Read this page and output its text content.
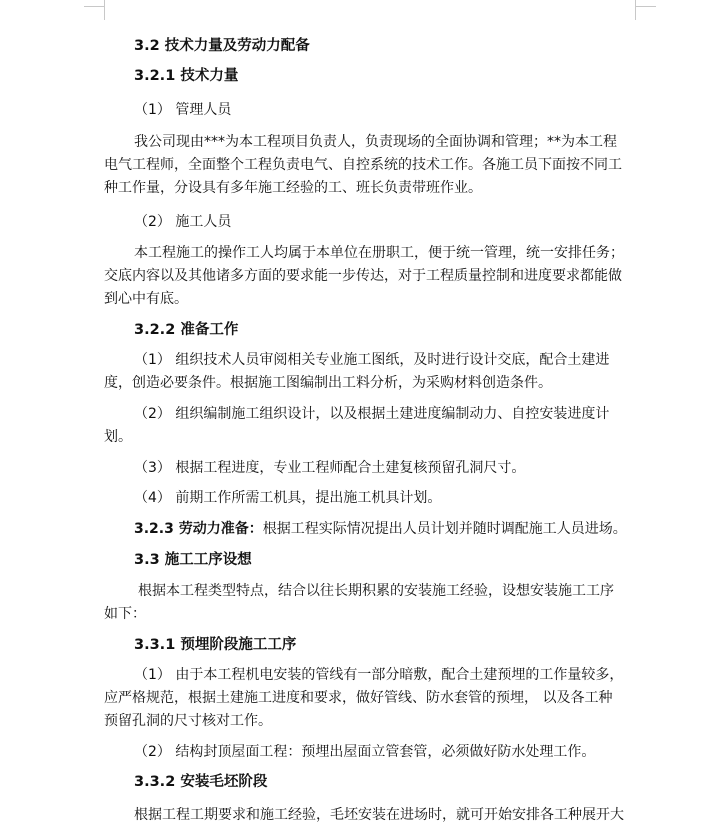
3.2 技术力量及劳动力配备
3.2.1 技术力量
（1） 管理人员
我公司现由***为本工程项目负责人，负责现场的全面协调和管理；**为本工程
电气工程师，全面整个工程负责电气、自控系统的技术工作。各施工员下面按不同工
种工作量，分设具有多年施工经验的工、班长负责带班作业。
（2） 施工人员
本工程施工的操作工人均属于本单位在册职工，便于统一管理，统一安排任务；
交底内容以及其他诸多方面的要求能一步传达，对于工程质量控制和进度要求都能做
到心中有底。
3.2.2 准备工作
（1） 组织技术人员审阅相关专业施工图纸，及时进行设计交底，配合土建进
度，创造必要条件。根据施工图编制出工料分析，为采购材料创造条件。
（2） 组织编制施工组织设计，以及根据土建进度编制动力、自控安装进度计
划。
（3） 根据工程进度，专业工程师配合土建复核预留孔洞尺寸。
（4） 前期工作所需工机具，提出施工机具计划。
3.2.3 劳动力准备：根据工程实际情况提出人员计划并随时调配施工人员进场。
3.3 施工工序设想
根据本工程类型特点，结合以往长期积累的安装施工经验，设想安装施工工序
如下：
3.3.1 预埋阶段施工工序
（1） 由于本工程机电安装的管线有一部分暗敷，配合土建预埋的工作量较多，
应严格规范，根据土建施工进度和要求，做好管线、防水套管的预埋， 以及各工种
预留孔洞的尺寸核对工作。
（2） 结构封顶屋面工程：预埋出屋面立管套管，必须做好防水处理工作。
3.3.2 安装毛坯阶段
根据工程工期要求和施工经验，毛坯安装在进场时，就可开始安排各工种展开大
